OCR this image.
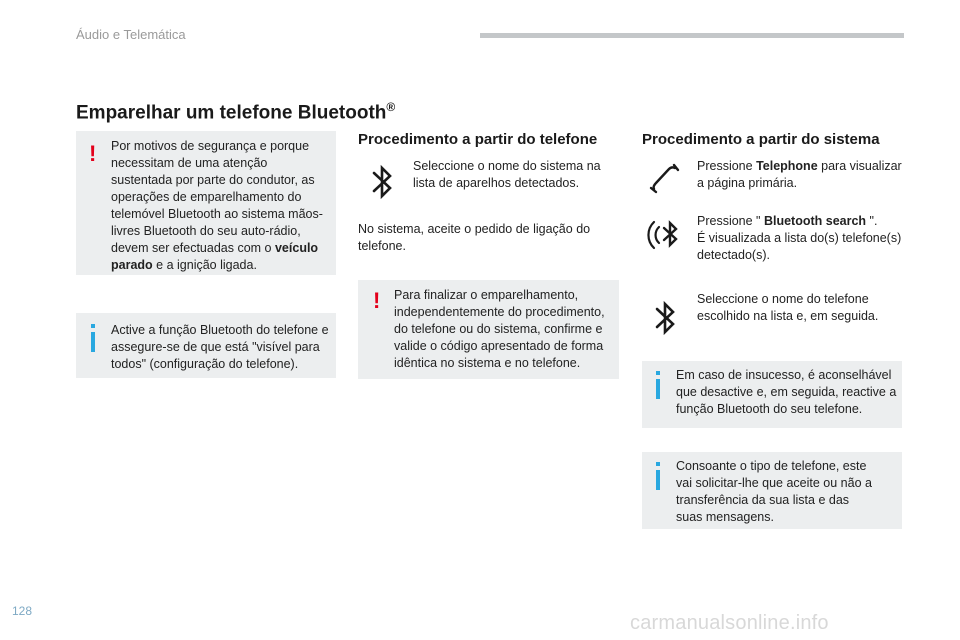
Áudio e Telemática
Emparelhar um telefone Bluetooth®
! Por motivos de segurança e porque necessitam de uma atenção sustentada por parte do condutor, as operações de emparelhamento do telemóvel Bluetooth ao sistema mãos-livres Bluetooth do seu auto-rádio, devem ser efectuadas com o veículo parado e a ignição ligada.

Active a função Bluetooth do telefone e assegure-se de que está "visível para todos" (configuração do telefone).

Procedimento a partir do telefone
Seleccione o nome do sistema na lista de aparelhos detectados.
No sistema, aceite o pedido de ligação do telefone.
! Para finalizar o emparelhamento, independentemente do procedimento, do telefone ou do sistema, confirme e valide o código apresentado de forma idêntica no sistema e no telefone.

Procedimento a partir do sistema
Pressione Telephone para visualizar a página primária.
Pressione " Bluetooth search ".
É visualizada a lista do(s) telefone(s) detectado(s).
Seleccione o nome do telefone escolhido na lista e, em seguida.

Em caso de insucesso, é aconselhável que desactive e, em seguida, reactive a função Bluetooth do seu telefone.

Consoante o tipo de telefone, este vai solicitar-lhe que aceite ou não a transferência da sua lista e das suas mensagens.

128
carmanualsonline.info
